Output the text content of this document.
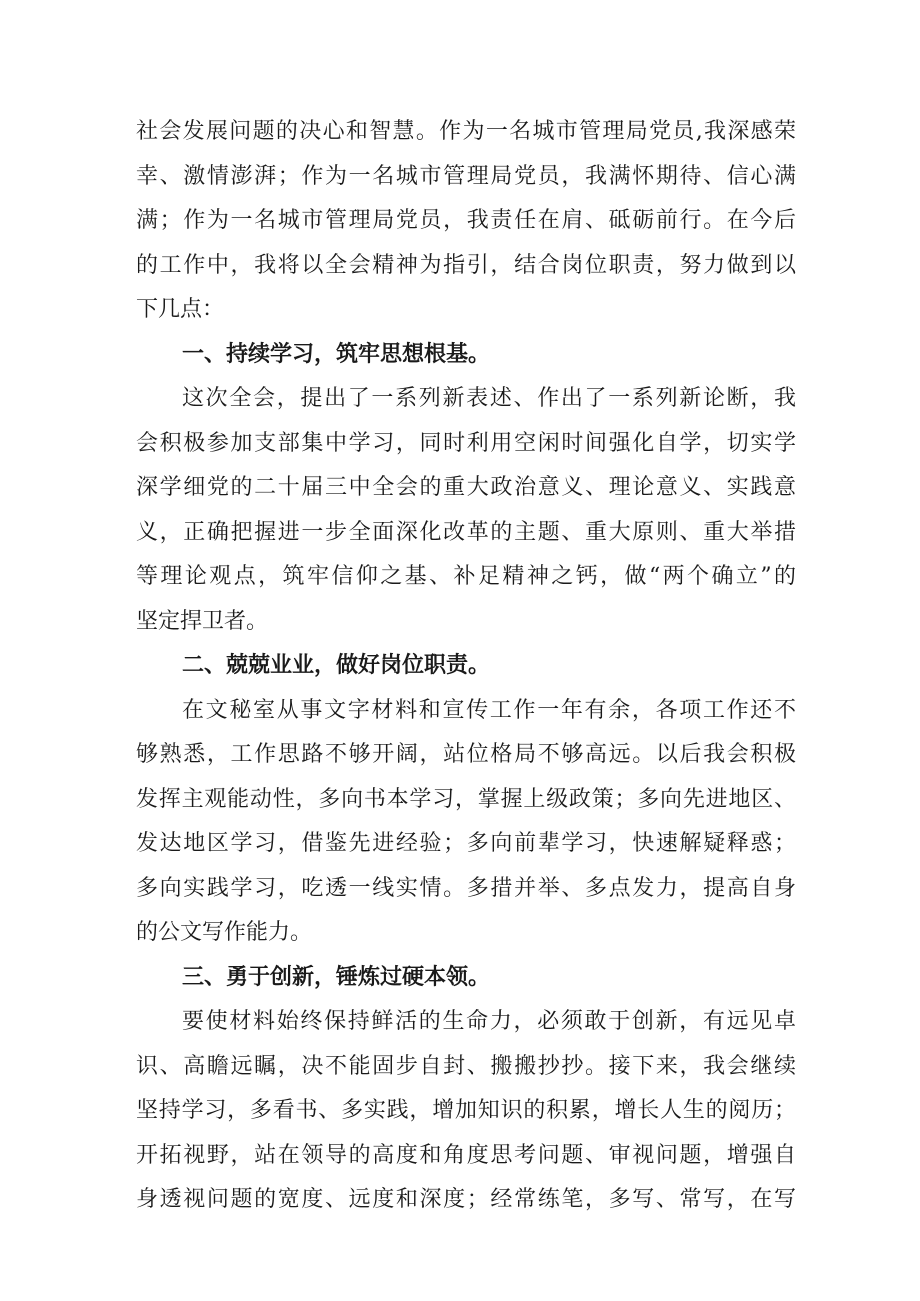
社会发展问题的决心和智慧。作为一名城市管理局党员,我深感荣
幸、激情澎湃；作为一名城市管理局党员，我满怀期待、信心满
满；作为一名城市管理局党员，我责任在肩、砥砺前行。在今后
的工作中，我将以全会精神为指引，结合岗位职责，努力做到以
下几点：
一、持续学习，筑牢思想根基。
这次全会，提出了一系列新表述、作出了一系列新论断，我
会积极参加支部集中学习，同时利用空闲时间强化自学，切实学
深学细党的二十届三中全会的重大政治意义、理论意义、实践意
义，正确把握进一步全面深化改革的主题、重大原则、重大举措
等理论观点，筑牢信仰之基、补足精神之钙，做“两个确立”的
坚定捍卫者。
二、兢兢业业，做好岗位职责。
在文秘室从事文字材料和宣传工作一年有余，各项工作还不
够熟悉，工作思路不够开阔，站位格局不够高远。以后我会积极
发挥主观能动性，多向书本学习，掌握上级政策；多向先进地区、
发达地区学习，借鉴先进经验；多向前辈学习，快速解疑释惑；
多向实践学习，吃透一线实情。多措并举、多点发力，提高自身
的公文写作能力。
三、勇于创新，锤炼过硬本领。
要使材料始终保持鲜活的生命力，必须敢于创新，有远见卓
识、高瞻远瞩，决不能固步自封、搬搬抄抄。接下来，我会继续
坚持学习，多看书、多实践，增加知识的积累，增长人生的阅历；
开拓视野，站在领导的高度和角度思考问题、审视问题，增强自
身透视问题的宽度、远度和深度；经常练笔，多写、常写，在写
